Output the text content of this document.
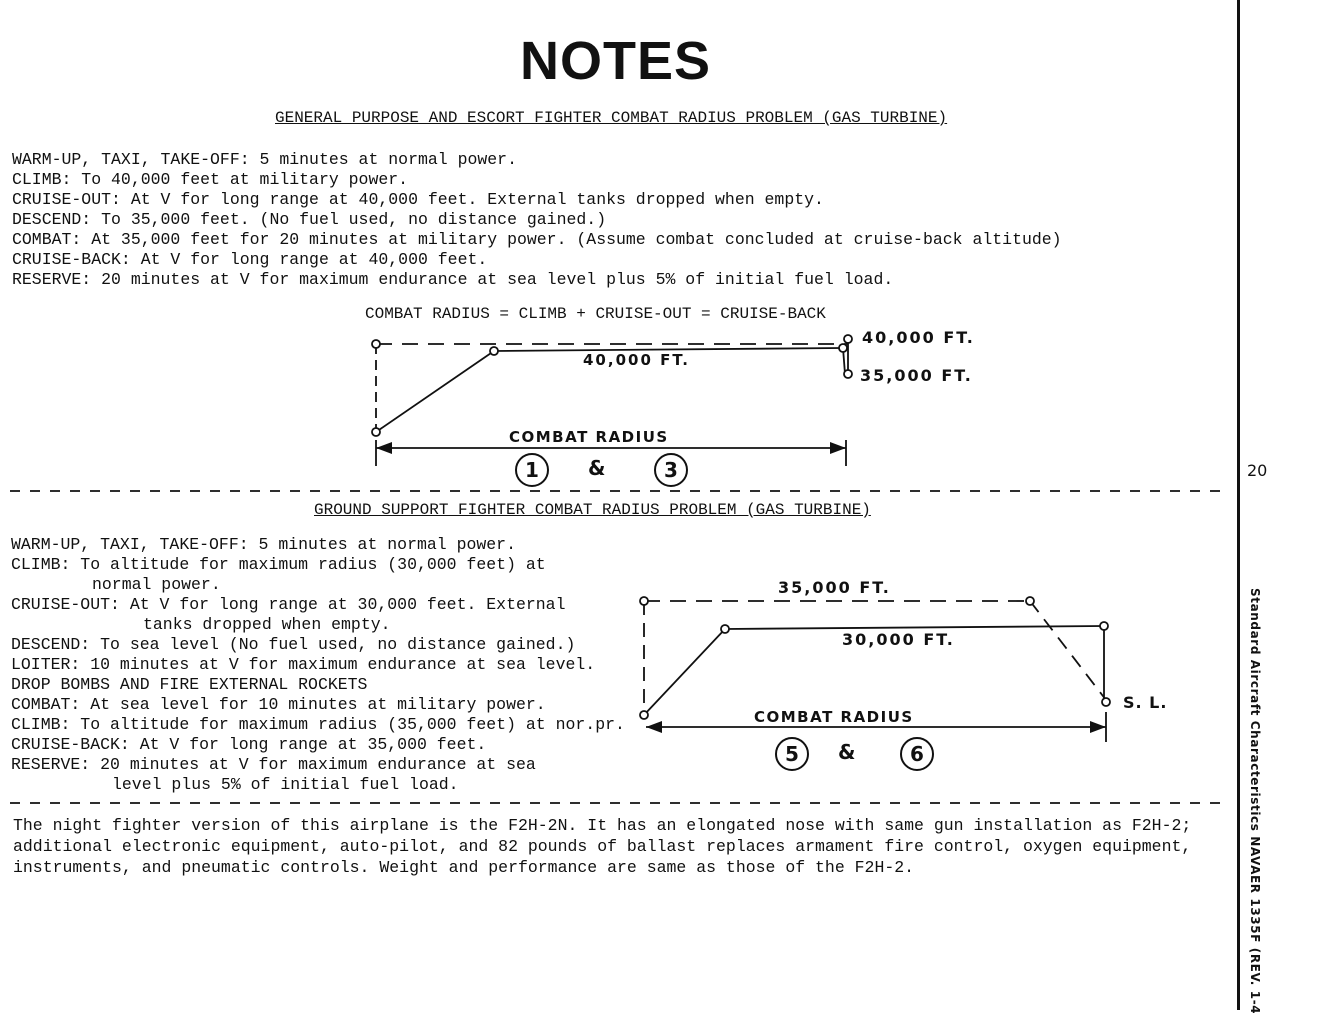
NOTES
GENERAL PURPOSE AND ESCORT FIGHTER COMBAT RADIUS PROBLEM (GAS TURBINE)
WARM-UP, TAXI, TAKE-OFF: 5 minutes at normal power.
CLIMB: To 40,000 feet at military power.
CRUISE-OUT: At V for long range at 40,000 feet. External tanks dropped when empty.
DESCEND: To 35,000 feet. (No fuel used, no distance gained.)
COMBAT: At 35,000 feet for 20 minutes at military power. (Assume combat concluded at cruise-back altitude)
CRUISE-BACK: At V for long range at 40,000 feet.
RESERVE: 20 minutes at V for maximum endurance at sea level plus 5% of initial fuel load.
COMBAT RADIUS = CLIMB + CRUISE-OUT = CRUISE-BACK
40,000 FT.
35,000 FT.
40,000 FT.
COMBAT RADIUS
1	&	3	20
GROUND SUPPORT FIGHTER COMBAT RADIUS PROBLEM (GAS TURBINE)
WARM-UP, TAXI, TAKE-OFF: 5 minutes at normal power.
CLIMB: To altitude for maximum radius (30,000 feet) at
normal power.
CRUISE-OUT: At V for long range at 30,000 feet. External
tanks dropped when empty.
DESCEND: To sea level (No fuel used, no distance gained.)
LOITER: 10 minutes at V for maximum endurance at sea level.
DROP BOMBS AND FIRE EXTERNAL ROCKETS
COMBAT: At sea level for 10 minutes at military power.
CLIMB: To altitude for maximum radius (35,000 feet) at nor.pr.
CRUISE-BACK: At V for long range at 35,000 feet.
RESERVE: 20 minutes at V for maximum endurance at sea
level plus 5% of initial fuel load.
35,000 FT.
30,000 FT.
S. L.
COMBAT RADIUS
5	&	6
The night fighter version of this airplane is the F2H-2N. It has an elongated nose with same gun installation as F2H-2;
additional electronic equipment, auto-pilot, and 82 pounds of ballast replaces armament fire control, oxygen equipment,
instruments, and pneumatic controls. Weight and performance are same as those of the F2H-2.	Standard Aircraft Characteristics NAVAER 1335F (REV. 1-4
